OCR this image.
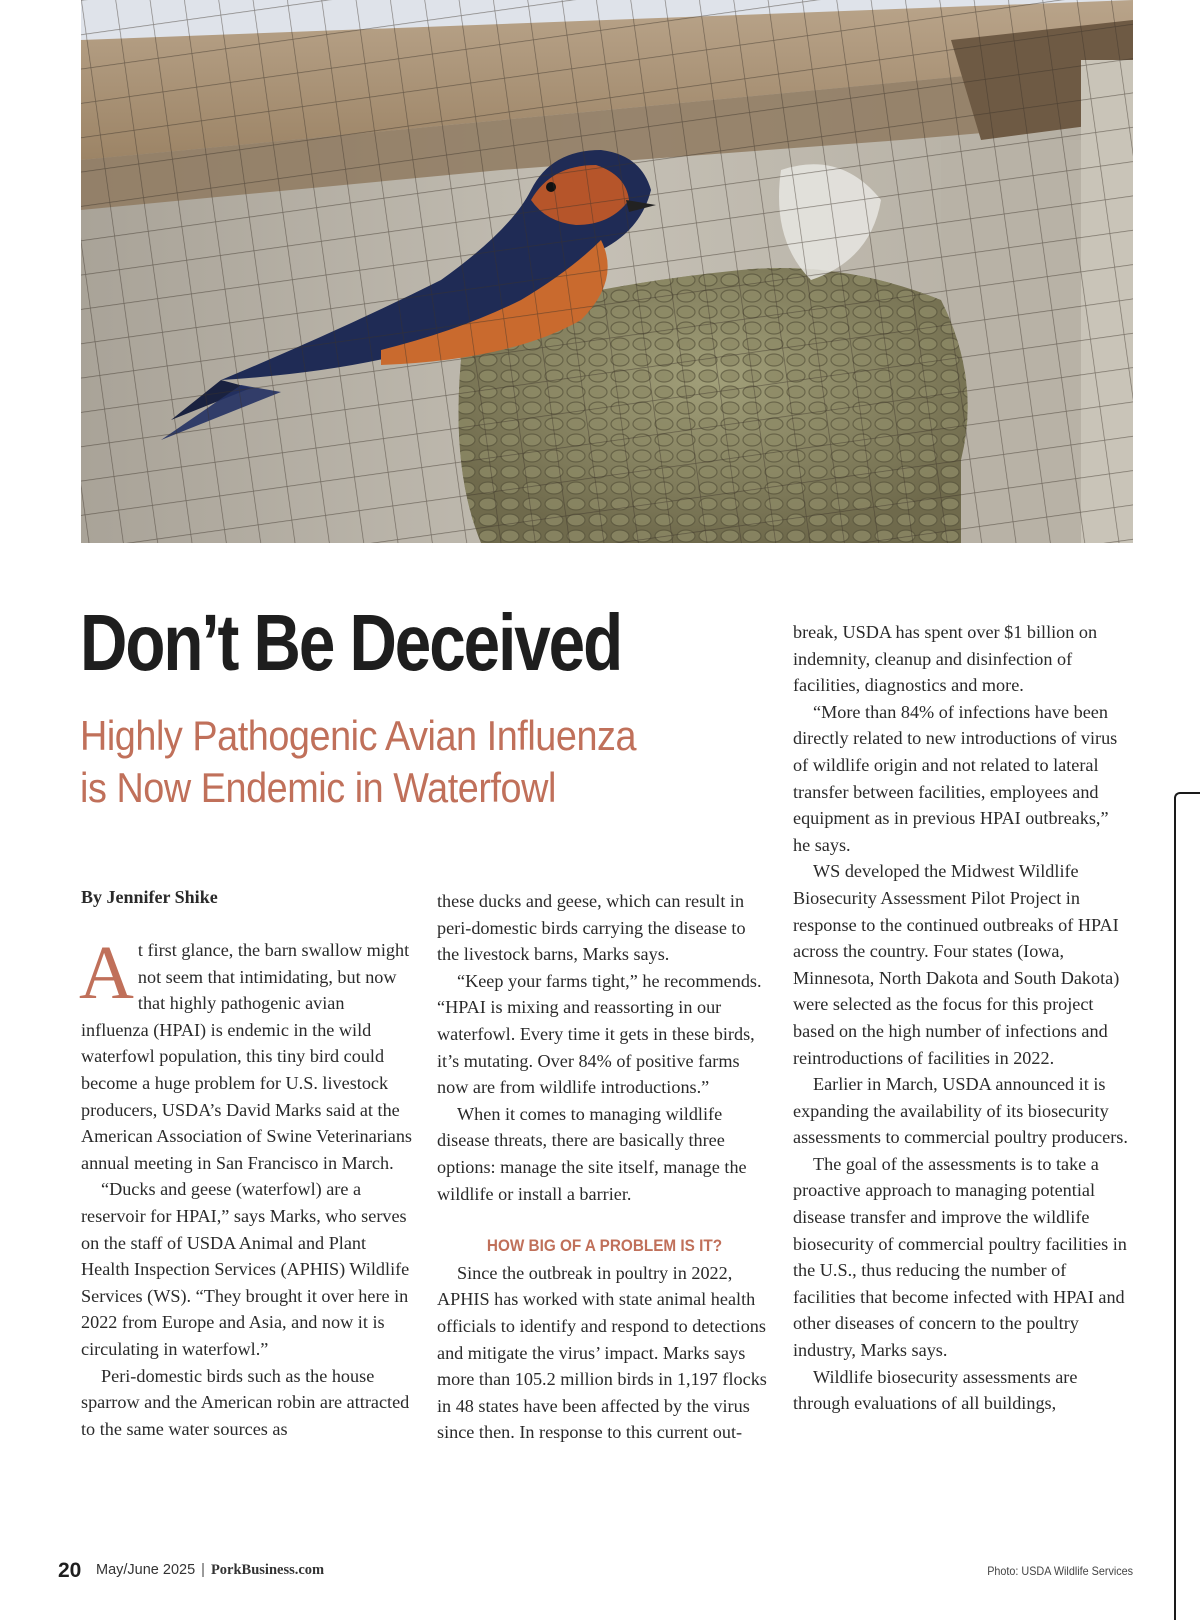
Don’t Be Deceived
Highly Pathogenic Avian Influenza
is Now Endemic in Waterfowl
By Jennifer Shike

At first glance, the barn swallow might not seem that intimidating, but now that highly pathogenic avian influenza (HPAI) is endemic in the wild waterfowl population, this tiny bird could become a huge problem for U.S. livestock producers, USDA’s David Marks said at the American Association of Swine Veterinarians annual meeting in San Francisco in March.

“Ducks and geese (waterfowl) are a reservoir for HPAI,” says Marks, who serves on the staff of USDA Animal and Plant Health Inspection Services (APHIS) Wildlife Services (WS). “They brought it over here in 2022 from Europe and Asia, and now it is circulating in waterfowl.”

Peri-domestic birds such as the house sparrow and the American robin are attracted to the same water sources as

these ducks and geese, which can result in peri-domestic birds carrying the disease to the livestock barns, Marks says.

“Keep your farms tight,” he recommends. “HPAI is mixing and reassorting in our waterfowl. Every time it gets in these birds, it’s mutating. Over 84% of positive farms now are from wildlife introductions.”

When it comes to managing wildlife disease threats, there are basically three options: manage the site itself, manage the wildlife or install a barrier.

HOW BIG OF A PROBLEM IS IT?

Since the outbreak in poultry in 2022, APHIS has worked with state animal health officials to identify and respond to detections and mitigate the virus’ impact. Marks says more than 105.2 million birds in 1,197 flocks in 48 states have been affected by the virus since then. In response to this current out-

break, USDA has spent over $1 billion on indemnity, cleanup and disinfection of facilities, diagnostics and more.

“More than 84% of infections have been directly related to new introductions of virus of wildlife origin and not related to lateral transfer between facilities, employees and equipment as in previous HPAI outbreaks,” he says.

WS developed the Midwest Wildlife Biosecurity Assessment Pilot Project in response to the continued outbreaks of HPAI across the country. Four states (Iowa, Minnesota, North Dakota and South Dakota) were selected as the focus for this project based on the high number of infections and reintroductions of facilities in 2022.

Earlier in March, USDA announced it is expanding the availability of its biosecurity assessments to commercial poultry producers.

The goal of the assessments is to take a proactive approach to managing potential disease transfer and improve the wildlife biosecurity of commercial poultry facilities in the U.S., thus reducing the number of facilities that become infected with HPAI and other diseases of concern to the poultry industry, Marks says.

Wildlife biosecurity assessments are through evaluations of all buildings,

20 May/June 2025 | PorkBusiness.com	Photo: USDA Wildlife Services
